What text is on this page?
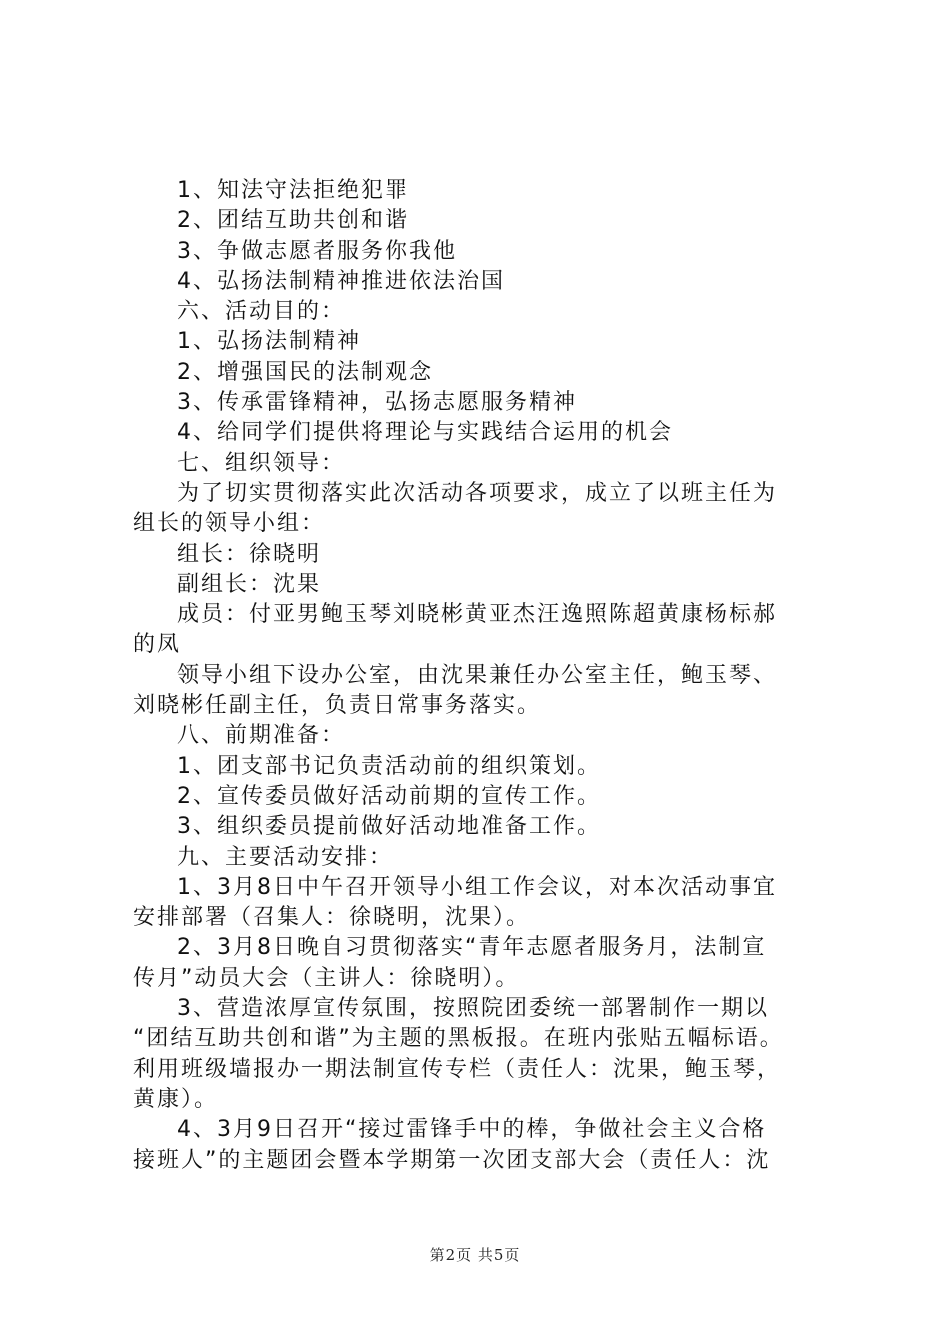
1、知法守法拒绝犯罪
2、团结互助共创和谐
3、争做志愿者服务你我他
4、弘扬法制精神推进依法治国
六、活动目的：
1、弘扬法制精神
2、增强国民的法制观念
3、传承雷锋精神，弘扬志愿服务精神
4、给同学们提供将理论与实践结合运用的机会
七、组织领导：
为了切实贯彻落实此次活动各项要求，成立了以班主任为
组长的领导小组：
组长：徐晓明
副组长：沈果
成员：付亚男鲍玉琴刘晓彬黄亚杰汪逸照陈超黄康杨标郝
的凤
领导小组下设办公室，由沈果兼任办公室主任，鲍玉琴、
刘晓彬任副主任，负责日常事务落实。
八、前期准备：
1、团支部书记负责活动前的组织策划。
2、宣传委员做好活动前期的宣传工作。
3、组织委员提前做好活动地准备工作。
九、主要活动安排：
1、3月8日中午召开领导小组工作会议，对本次活动事宜
安排部署（召集人：徐晓明，沈果）。
2、3月8日晚自习贯彻落实“青年志愿者服务月，法制宣
传月”动员大会（主讲人：徐晓明）。
3、营造浓厚宣传氛围，按照院团委统一部署制作一期以
“团结互助共创和谐”为主题的黑板报。在班内张贴五幅标语。
利用班级墙报办一期法制宣传专栏（责任人：沈果，鲍玉琴，
黄康）。
4、3月9日召开“接过雷锋手中的棒，争做社会主义合格
接班人”的主题团会暨本学期第一次团支部大会（责任人：沈
第2页 共5页
